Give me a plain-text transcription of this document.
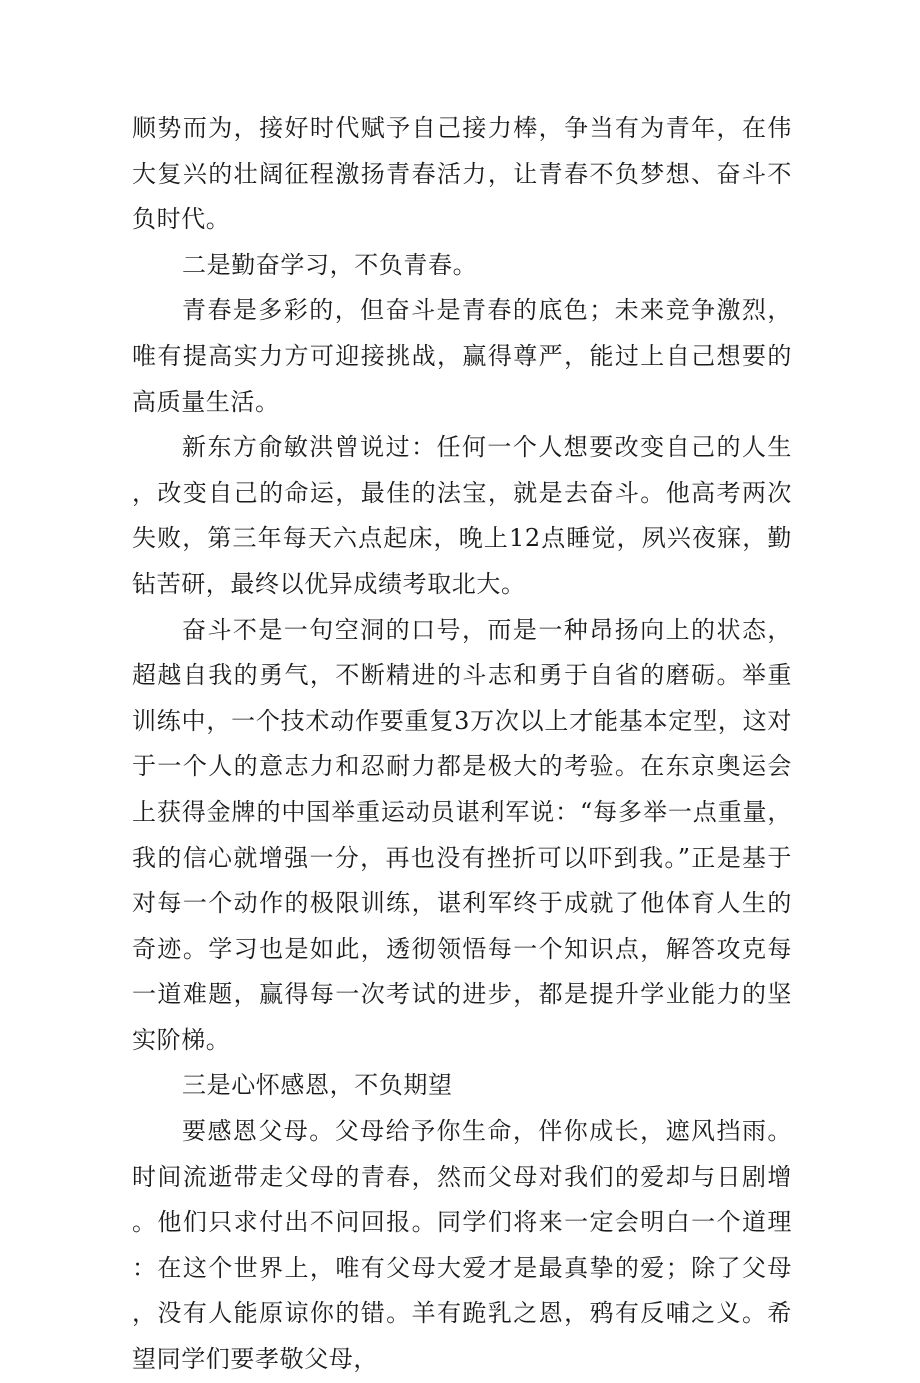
顺势而为，接好时代赋予自己接力棒，争当有为青年，在伟大复兴的壮阔征程激扬青春活力，让青春不负梦想、奋斗不负时代。

二是勤奋学习，不负青春。

青春是多彩的，但奋斗是青春的底色；未来竞争激烈，唯有提高实力方可迎接挑战，赢得尊严，能过上自己想要的高质量生活。

新东方俞敏洪曾说过：任何一个人想要改变自己的人生，改变自己的命运，最佳的法宝，就是去奋斗。他高考两次失败，第三年每天六点起床，晚上12点睡觉，夙兴夜寐，勤钻苦研，最终以优异成绩考取北大。

奋斗不是一句空洞的口号，而是一种昂扬向上的状态，超越自我的勇气，不断精进的斗志和勇于自省的磨砺。举重训练中，一个技术动作要重复3万次以上才能基本定型，这对于一个人的意志力和忍耐力都是极大的考验。在东京奥运会上获得金牌的中国举重运动员谌利军说：“每多举一点重量，我的信心就增强一分，再也没有挫折可以吓到我。”正是基于对每一个动作的极限训练，谌利军终于成就了他体育人生的奇迹。学习也是如此，透彻领悟每一个知识点，解答攻克每一道难题，赢得每一次考试的进步，都是提升学业能力的坚实阶梯。

三是心怀感恩，不负期望

要感恩父母。父母给予你生命，伴你成长，遮风挡雨。时间流逝带走父母的青春，然而父母对我们的爱却与日剧增。他们只求付出不问回报。同学们将来一定会明白一个道理：在这个世界上，唯有父母大爱才是最真挚的爱；除了父母，没有人能原谅你的错。羊有跪乳之恩，鸦有反哺之义。希望同学们要孝敬父母，
